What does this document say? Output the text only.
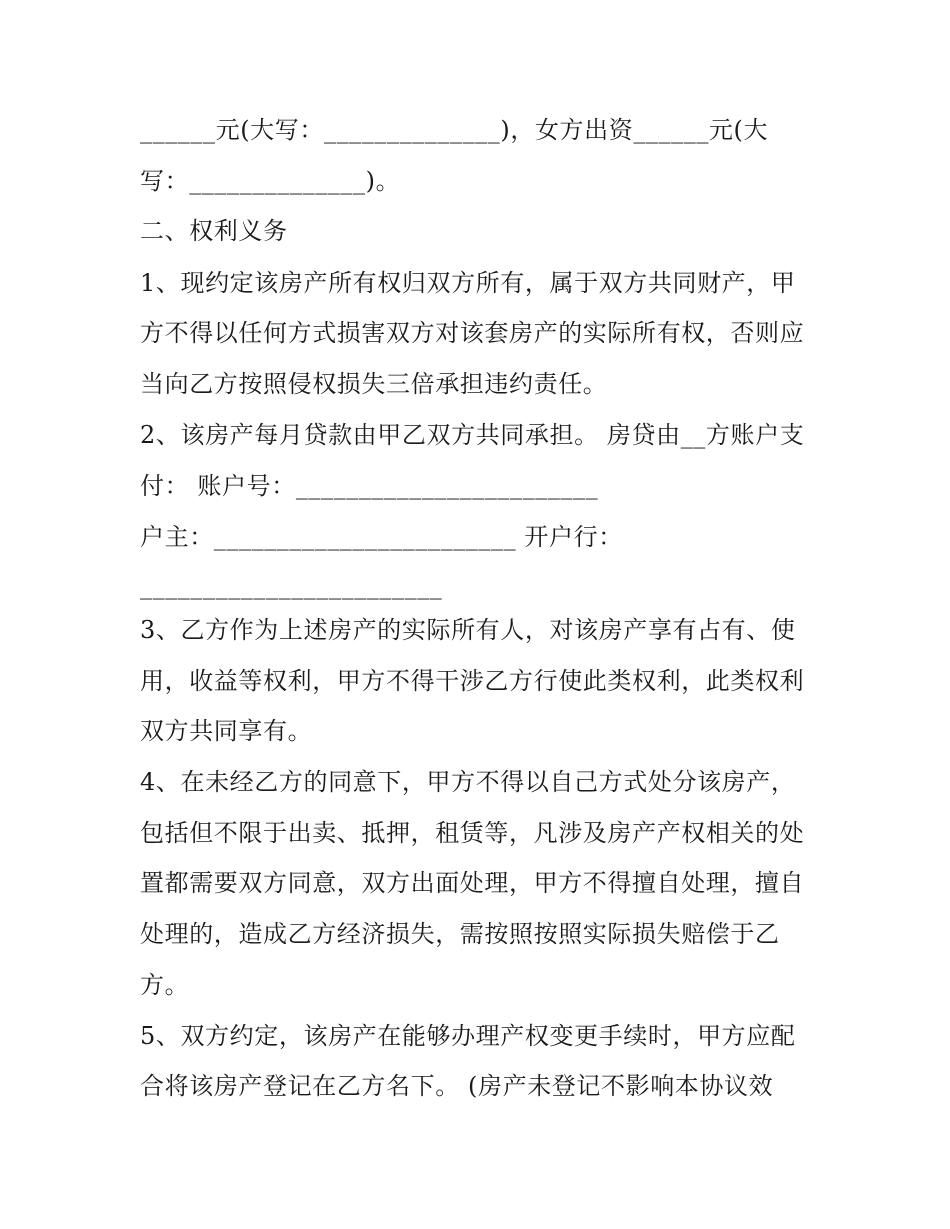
______元(大写：______________)，女方出资______元(大
写：______________)。
二、权利义务
1、现约定该房产所有权归双方所有，属于双方共同财产，甲
方不得以任何方式损害双方对该套房产的实际所有权，否则应
当向乙方按照侵权损失三倍承担违约责任。
2、该房产每月贷款由甲乙双方共同承担。 房贷由__方账户支
付： 账户号：________________________
户主：________________________ 开户行：
________________________
3、乙方作为上述房产的实际所有人，对该房产享有占有、使
用，收益等权利，甲方不得干涉乙方行使此类权利，此类权利
双方共同享有。
4、在未经乙方的同意下，甲方不得以自己方式处分该房产，
包括但不限于出卖、抵押，租赁等，凡涉及房产产权相关的处
置都需要双方同意，双方出面处理，甲方不得擅自处理，擅自
处理的，造成乙方经济损失，需按照按照实际损失赔偿于乙
方。
5、双方约定，该房产在能够办理产权变更手续时，甲方应配
合将该房产登记在乙方名下。 (房产未登记不影响本协议效
